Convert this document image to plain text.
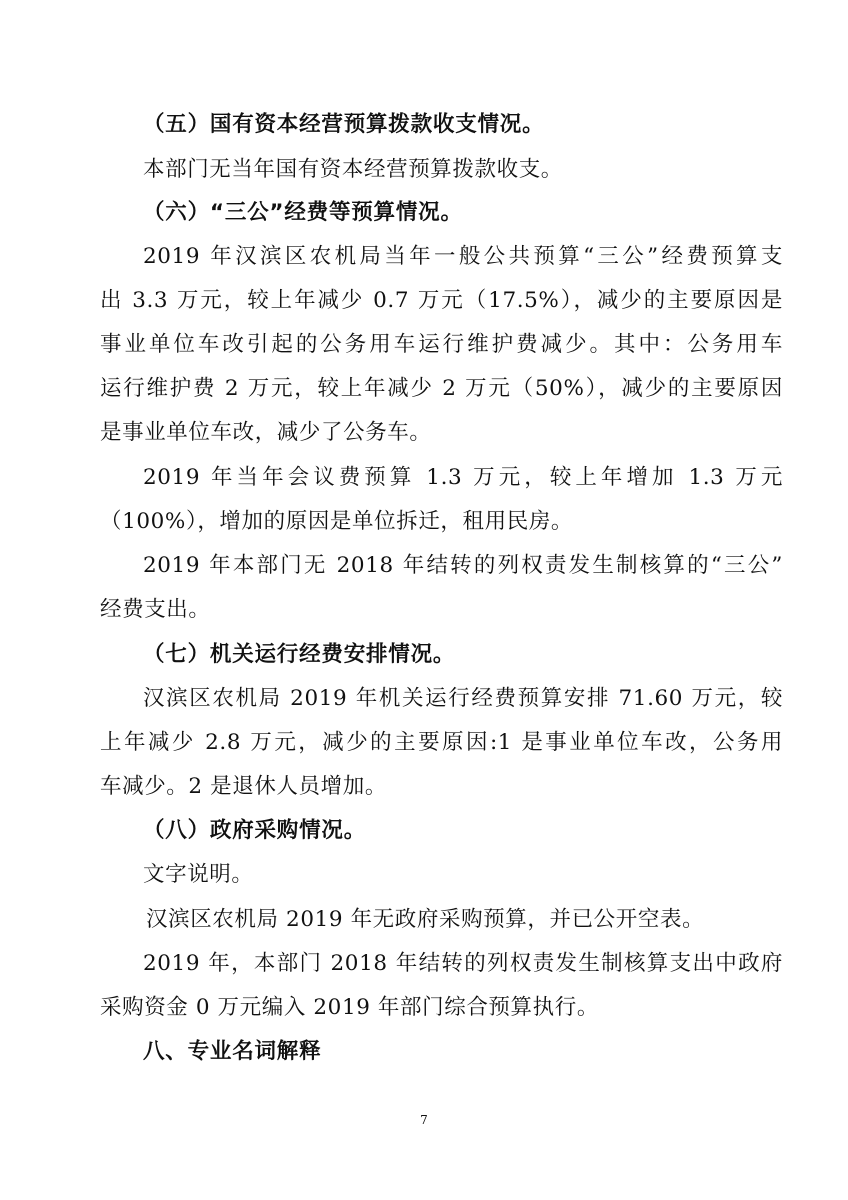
（五）国有资本经营预算拨款收支情况。
本部门无当年国有资本经营预算拨款收支。
（六）“三公”经费等预算情况。
2019 年汉滨区农机局当年一般公共预算“三公”经费预算支
出 3.3 万元，较上年减少 0.7 万元（17.5%），减少的主要原因是
事业单位车改引起的公务用车运行维护费减少。其中：公务用车
运行维护费 2 万元，较上年减少 2 万元（50%），减少的主要原因
是事业单位车改，减少了公务车。
2019 年当年会议费预算 1.3 万元，较上年增加 1.3 万元
（100%），增加的原因是单位拆迁，租用民房。
2019 年本部门无 2018 年结转的列权责发生制核算的“三公”
经费支出。
（七）机关运行经费安排情况。
汉滨区农机局 2019 年机关运行经费预算安排 71.60 万元，较
上年减少 2.8 万元，减少的主要原因:1 是事业单位车改，公务用
车减少。2 是退休人员增加。
（八）政府采购情况。
文字说明。
汉滨区农机局 2019 年无政府采购预算，并已公开空表。
2019 年，本部门 2018 年结转的列权责发生制核算支出中政府
采购资金 0 万元编入 2019 年部门综合预算执行。
八、专业名词解释
7
